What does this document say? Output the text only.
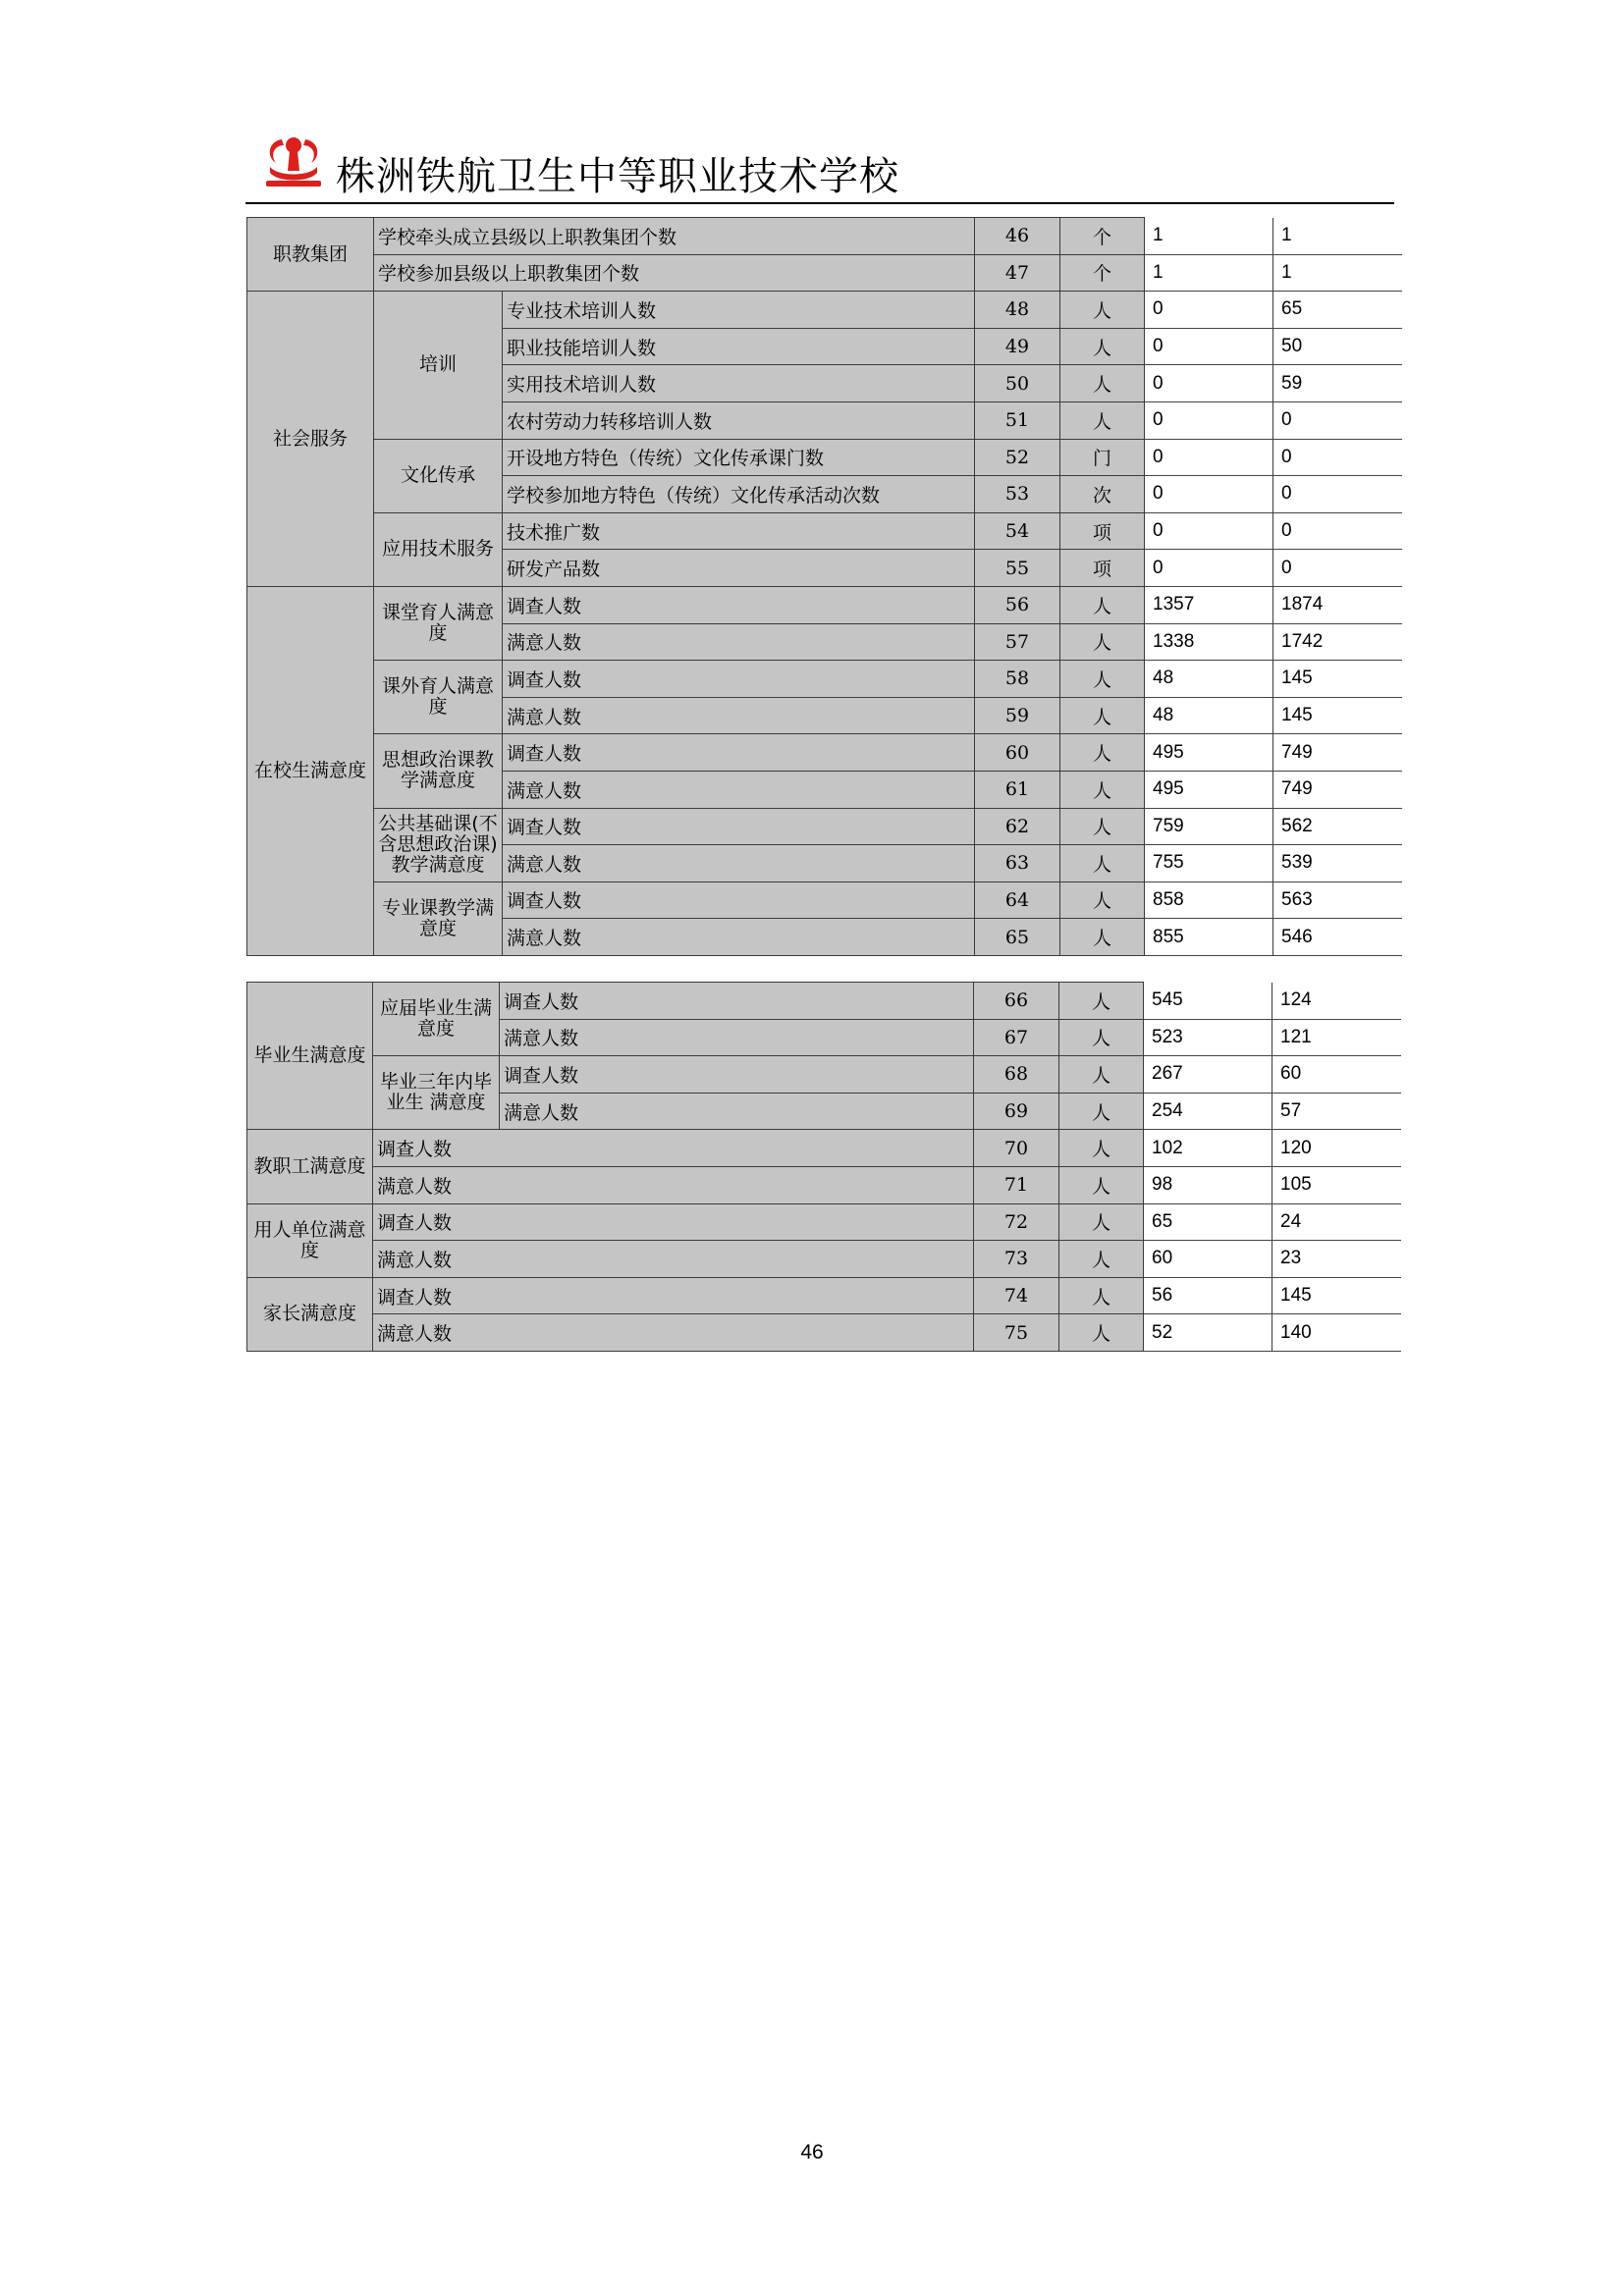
株洲铁航卫生中等职业技术学校
职教集团	学校牵头成立县级以上职教集团个数		46	个	1	1
	学校参加县级以上职教集团个数		47	个	1	1
社会服务	培训	专业技术培训人数	48	人	0	65
		职业技能培训人数	49	人	0	50
		实用技术培训人数	50	人	0	59
		农村劳动力转移培训人数	51	人	0	0
	文化传承	开设地方特色（传统）文化传承课门数	52	门	0	0
		学校参加地方特色（传统）文化传承活动次数	53	次	0	0
	应用技术服务	技术推广数	54	项	0	0
		研发产品数	55	项	0	0
在校生满意度	课堂育人满意度	调查人数	56	人	1357	1874
		满意人数	57	人	1338	1742
	课外育人满意度	调查人数	58	人	48	145
		满意人数	59	人	48	145
	思想政治课教学满意度	调查人数	60	人	495	749
		满意人数	61	人	495	749
	公共基础课(不含思想政治课)教学满意度	调查人数	62	人	759	562
		满意人数	63	人	755	539
	专业课教学满意度	调查人数	64	人	858	563
		满意人数	65	人	855	546
毕业生满意度	应届毕业生满意度	调查人数	66	人	545	124
		满意人数	67	人	523	121
	毕业三年内毕业生 满意度	调查人数	68	人	267	60
		满意人数	69	人	254	57
教职工满意度	调查人数		70	人	102	120
	满意人数		71	人	98	105
用人单位满意度	调查人数		72	人	65	24
	满意人数		73	人	60	23
家长满意度	调查人数		74	人	56	145
	满意人数		75	人	52	140
46
